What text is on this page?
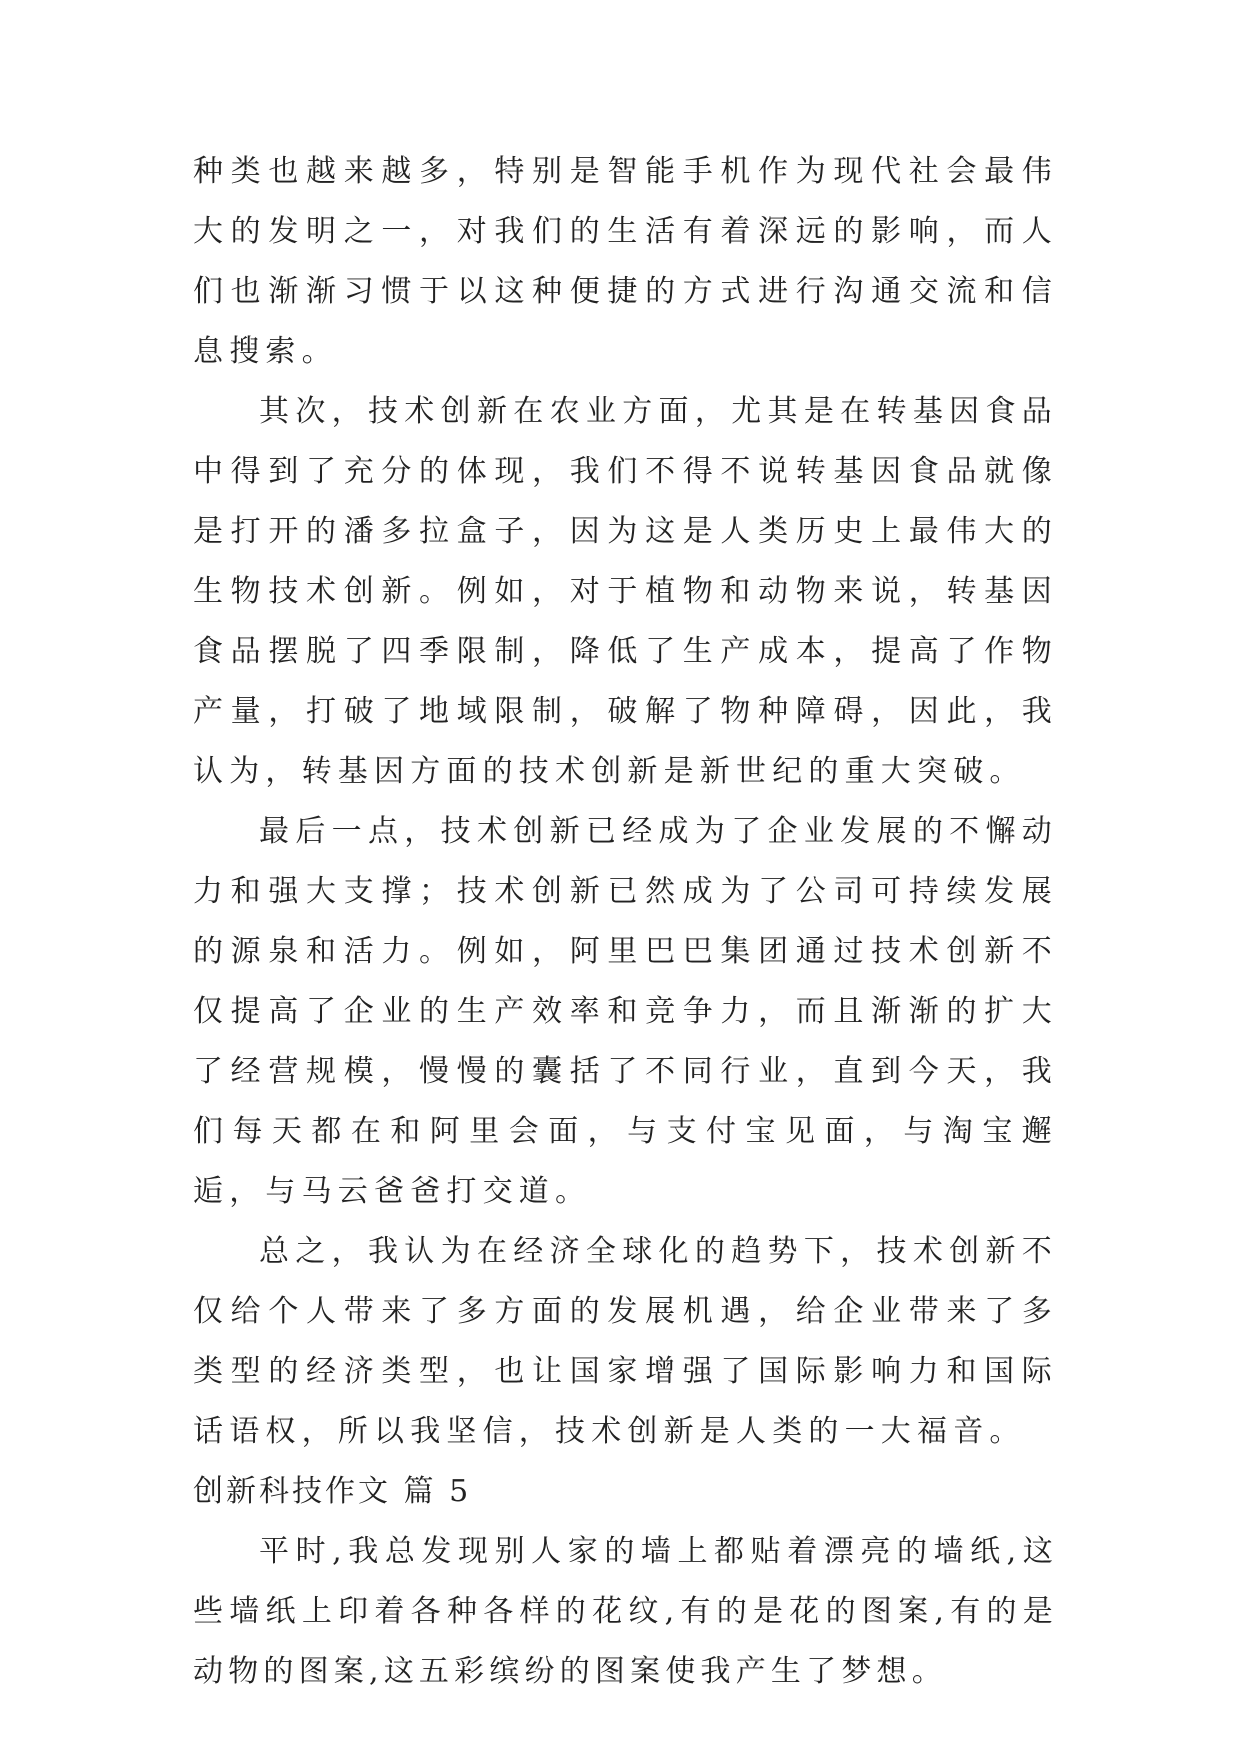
种类也越来越多，特别是智能手机作为现代社会最伟大的发明之一，对我们的生活有着深远的影响，而人们也渐渐习惯于以这种便捷的方式进行沟通交流和信息搜索。

其次，技术创新在农业方面，尤其是在转基因食品中得到了充分的体现，我们不得不说转基因食品就像是打开的潘多拉盒子，因为这是人类历史上最伟大的生物技术创新。例如，对于植物和动物来说，转基因食品摆脱了四季限制，降低了生产成本，提高了作物产量，打破了地域限制，破解了物种障碍，因此，我认为，转基因方面的技术创新是新世纪的重大突破。

最后一点，技术创新已经成为了企业发展的不懈动力和强大支撑；技术创新已然成为了公司可持续发展的源泉和活力。例如，阿里巴巴集团通过技术创新不仅提高了企业的生产效率和竞争力，而且渐渐的扩大了经营规模，慢慢的囊括了不同行业，直到今天，我们每天都在和阿里会面，与支付宝见面，与淘宝邂逅，与马云爸爸打交道。

总之，我认为在经济全球化的趋势下，技术创新不仅给个人带来了多方面的发展机遇，给企业带来了多类型的经济类型，也让国家增强了国际影响力和国际话语权，所以我坚信，技术创新是人类的一大福音。

创新科技作文 篇 5

平时,我总发现别人家的墙上都贴着漂亮的墙纸,这些墙纸上印着各种各样的花纹,有的是花的图案,有的是动物的图案,这五彩缤纷的图案使我产生了梦想。
